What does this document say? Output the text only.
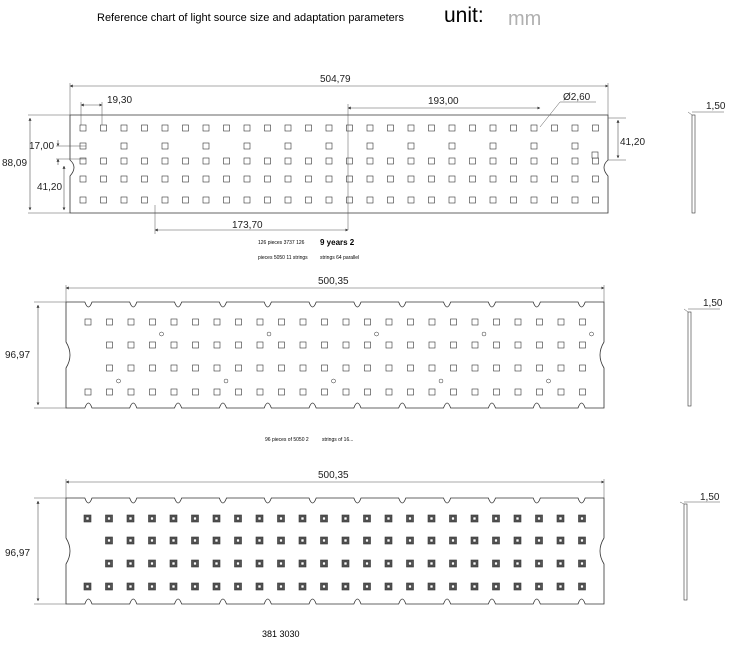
Reference chart of light source size and adaptation parameters unit: mm
126 pieces 3737 126 9 years 2
pieces 5050 11 strings strings 64 parallel
96 pieces of 5050 2	strings of 16...
381 3030
504,79
19,30	193,00	Ø2,60
17,00
88,09
41,20
41,20
173,70
1,50
500,35
96,97
1,50
500,35
96,97
1,50
